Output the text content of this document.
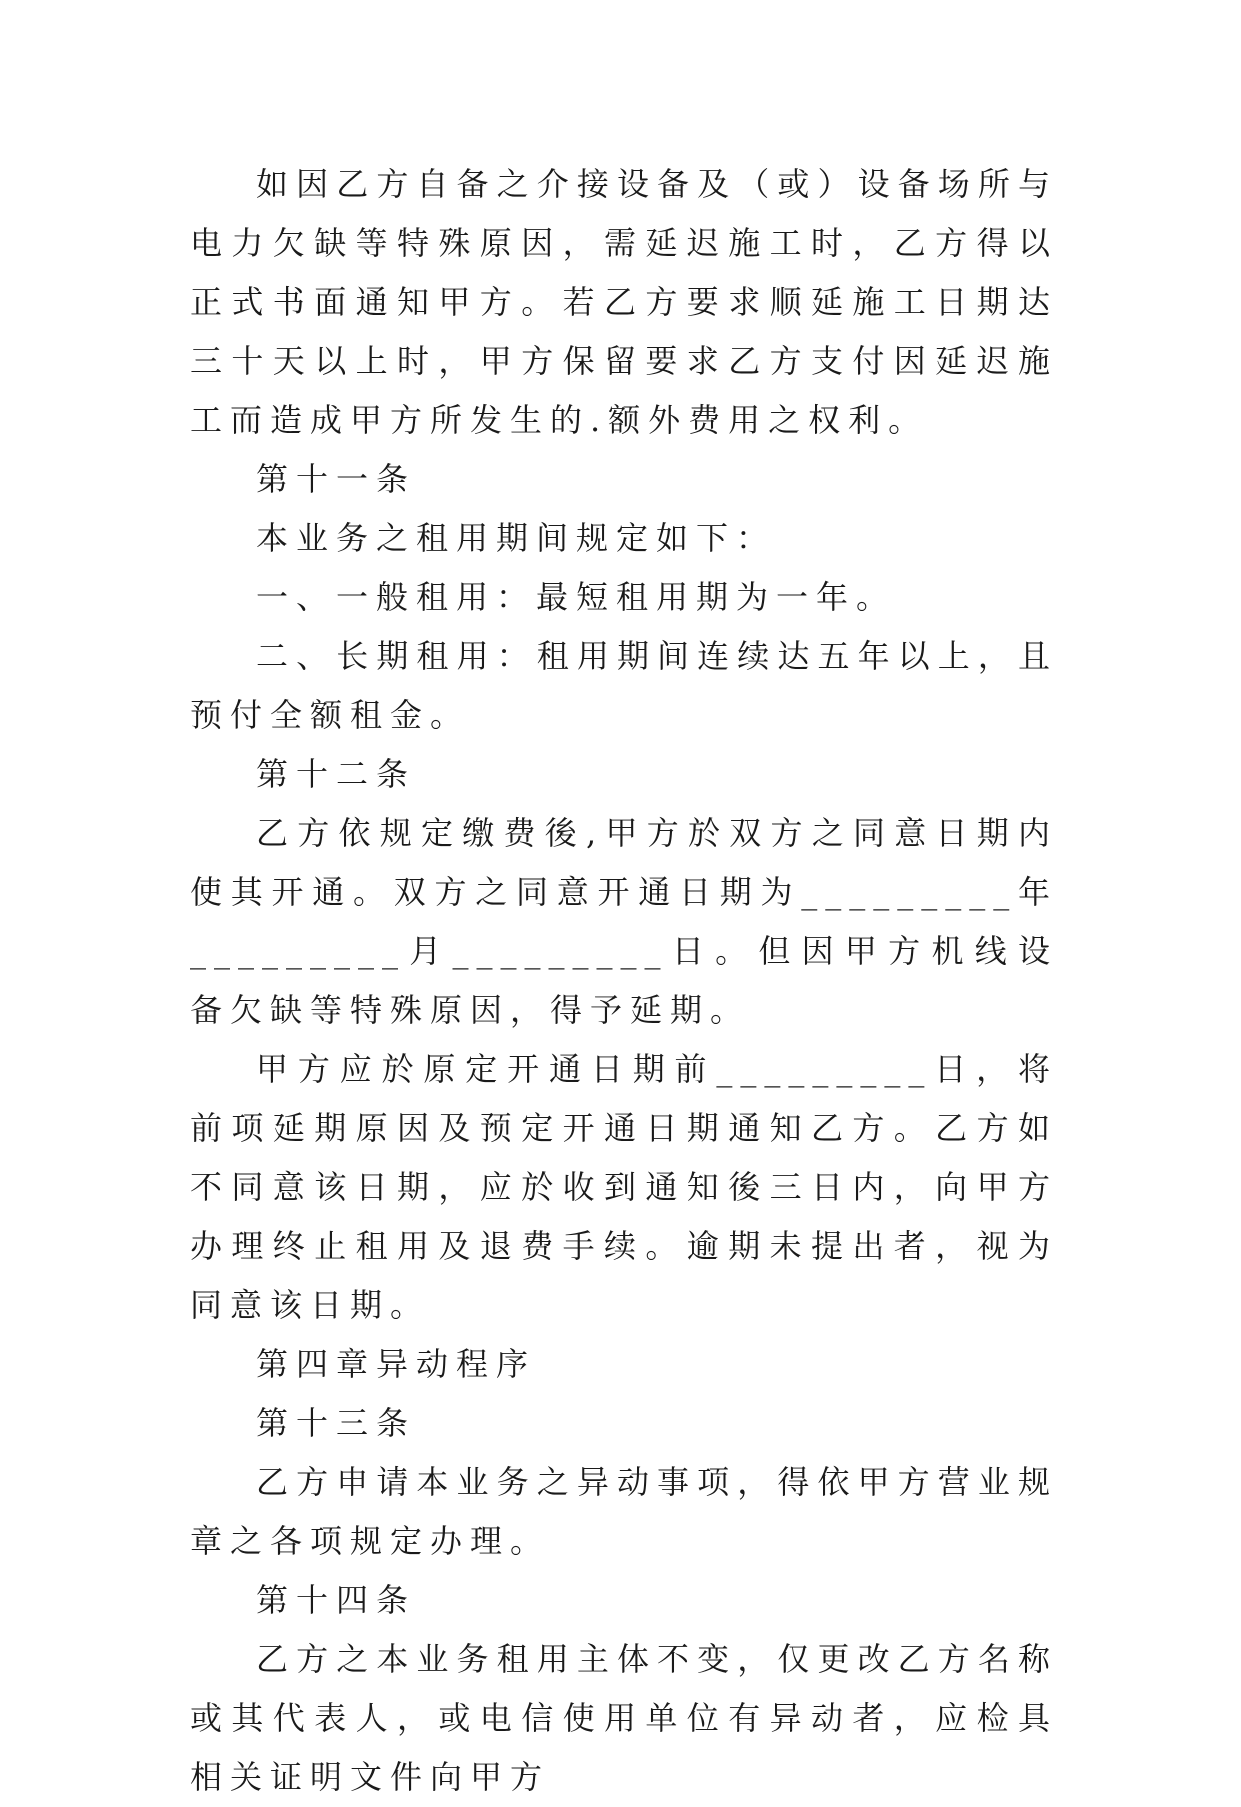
如因乙方自备之介接设备及（或）设备场所与电力欠缺等特殊原因，需延迟施工时，乙方得以正式书面通知甲方。若乙方要求顺延施工日期达三十天以上时，甲方保留要求乙方支付因延迟施工而造成甲方所发生的.额外费用之权利。

第十一条

本业务之租用期间规定如下：

一、一般租用：最短租用期为一年。

二、长期租用：租用期间连续达五年以上，且预付全额租金。

第十二条

乙方依规定缴费後,甲方於双方之同意日期内使其开通。双方之同意开通日期为_________年_________月_________日。但因甲方机线设备欠缺等特殊原因，得予延期。

甲方应於原定开通日期前_________日，将前项延期原因及预定开通日期通知乙方。乙方如不同意该日期，应於收到通知後三日内，向甲方办理终止租用及退费手续。逾期未提出者，视为同意该日期。

第四章异动程序

第十三条

乙方申请本业务之异动事项，得依甲方营业规章之各项规定办理。

第十四条

乙方之本业务租用主体不变，仅更改乙方名称或其代表人，或电信使用单位有异动者，应检具相关证明文件向甲方
